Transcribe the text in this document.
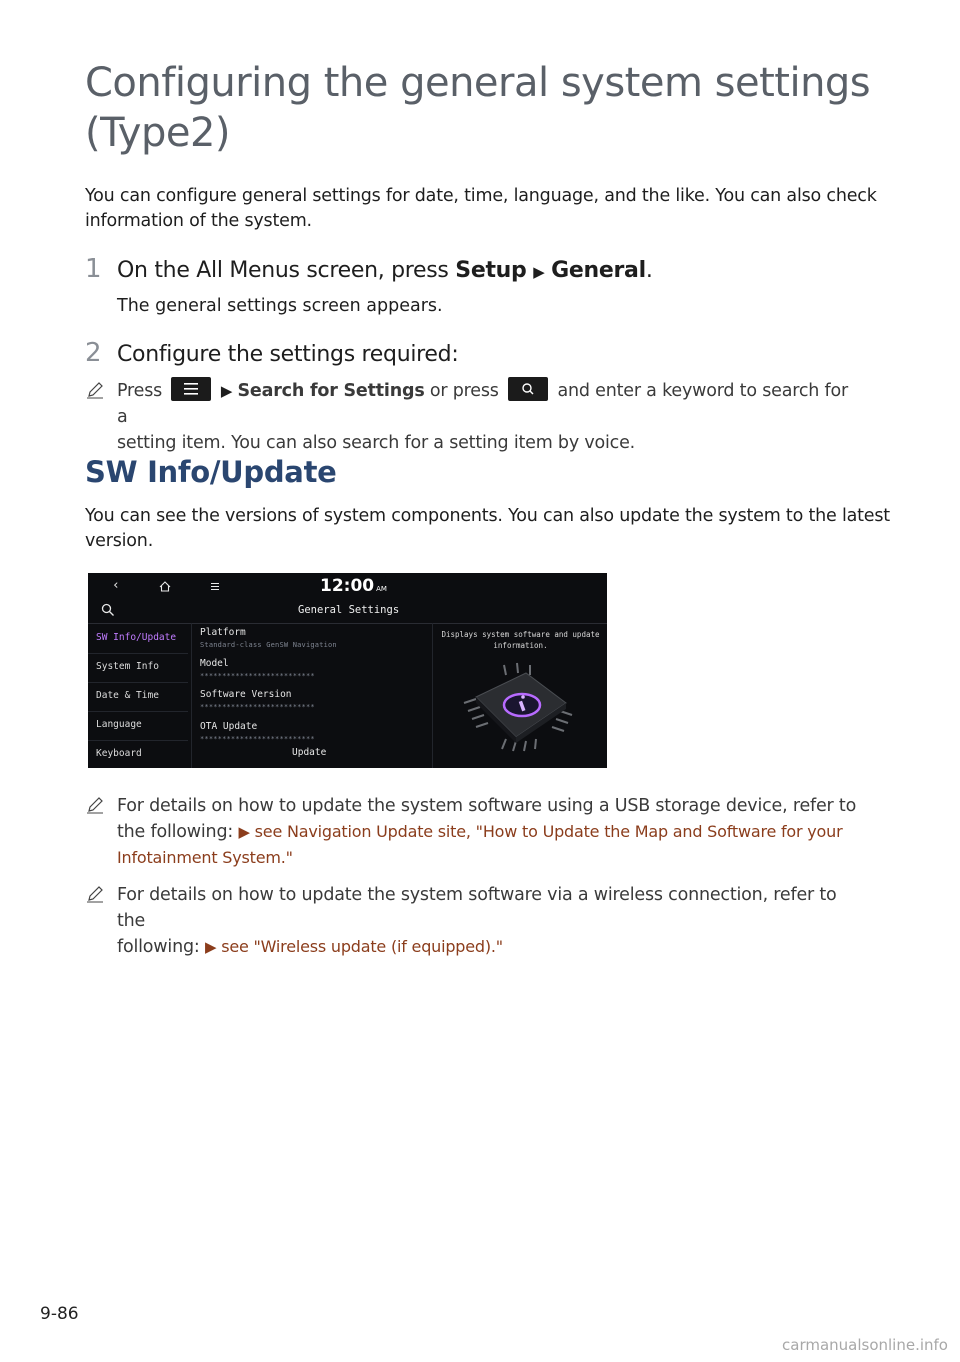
Configuring the general system settings
(Type2)

You can configure general settings for date, time, language, and the like. You can also check
information of the system.

1 On the All Menus screen, press Setup ▶ General.
The general settings screen appears.
2 Configure the settings required:
Press	▶ Search for Settings or press	and enter a keyword to search for a
setting item. You can also search for a setting item by voice.
SW Info/Update

You can see the versions of system components. You can also update the system to the latest
version.

‹	12:00 AM
General Settings
SW Info/Update
System Info
Date & Time
Language
Keyboard
Platform
Standard-class GenSW Navigation
Model
**************************
Software Version
**************************
OTA Update
**************************
Update
Displays system software and update information.
For details on how to update the system software using a USB storage device, refer to
the following: ▶ see Navigation Update site, "How to Update the Map and Software for your
Infotainment System."
For details on how to update the system software via a wireless connection, refer to the
following: ▶ see "Wireless update (if equipped)."
9-86
carmanualsonline.info
